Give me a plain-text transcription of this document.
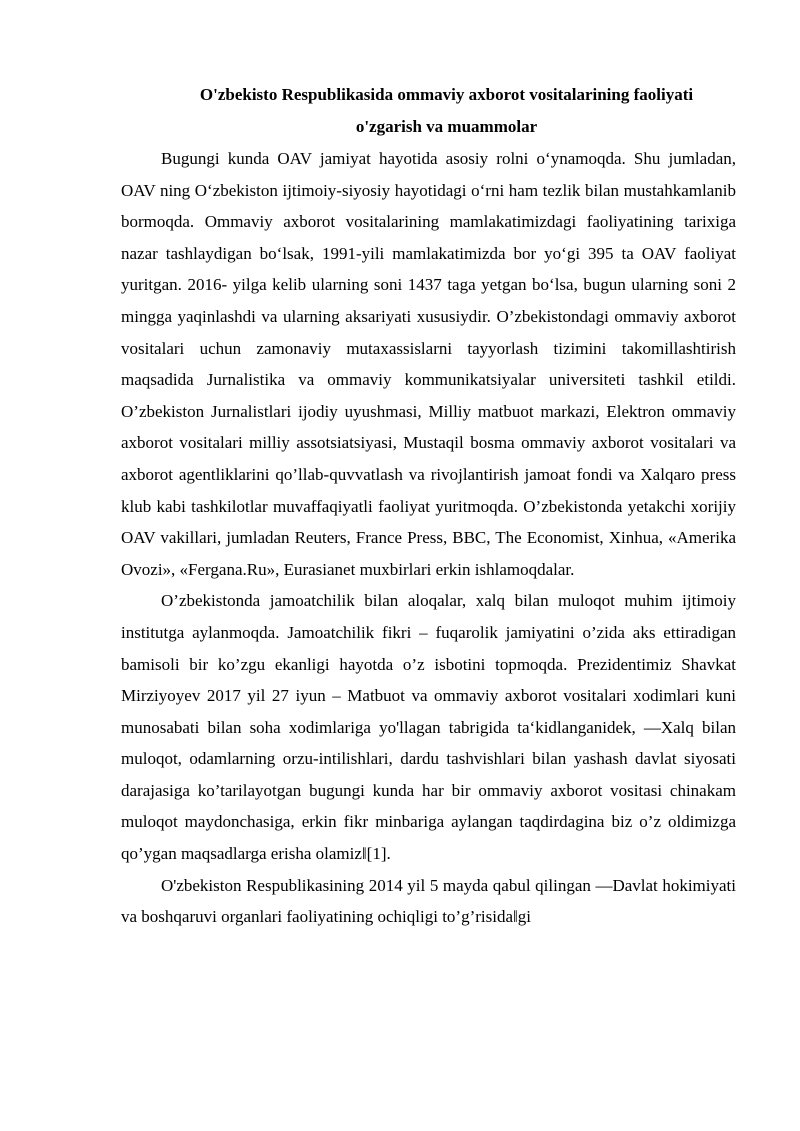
O'zbekisto Respublikasida ommaviy axborot vositalarining faoliyati
o'zgarish va muammolar

Bugungi kunda OAV jamiyat hayotida asosiy rolni o‘ynamoqda. Shu jumladan, OAV ning O‘zbekiston ijtimoiy-siyosiy hayotidagi o‘rni ham tezlik bilan mustahkamlanib bormoqda. Ommaviy axborot vositalarining mamlakatimizdagi faoliyatining tarixiga nazar tashlaydigan bo‘lsak, 1991-yili mamlakatimizda bor yo‘gi 395 ta OAV faoliyat yuritgan. 2016- yilga kelib ularning soni 1437 taga yetgan bo‘lsa, bugun ularning soni 2 mingga yaqinlashdi va ularning aksariyati xususiydir. O’zbekistondagi ommaviy axborot vositalari uchun zamonaviy mutaxassislarni tayyorlash tizimini takomillashtirish maqsadida Jurnalistika va ommaviy kommunikatsiyalar universiteti tashkil etildi. O’zbekiston Jurnalistlari ijodiy uyushmasi, Milliy matbuot markazi, Elektron ommaviy axborot vositalari milliy assotsiatsiyasi, Mustaqil bosma ommaviy axborot vositalari va axborot agentliklarini qo’llab-quvvatlash va rivojlantirish jamoat fondi va Xalqaro press klub kabi tashkilotlar muvaffaqiyatli faoliyat yuritmoqda. O’zbekistonda yetakchi xorijiy OAV vakillari, jumladan Reuters, France Press, BBC, The Economist, Xinhua, «Amerika Ovozi», «Fergana.Ru», Eurasianet muxbirlari erkin ishlamoqdalar.

O’zbekistonda jamoatchilik bilan aloqalar, xalq bilan muloqot muhim ijtimoiy institutga aylanmoqda. Jamoatchilik fikri – fuqarolik jamiyatini o’zida aks ettiradigan bamisoli bir ko’zgu ekanligi hayotda o’z isbotini topmoqda. Prezidentimiz Shavkat Mirziyoyev 2017 yil 27 iyun – Matbuot va ommaviy axborot vositalari xodimlari kuni munosabati bilan soha xodimlariga yo'llagan tabrigida ta‘kidlanganidek, ―Xalq bilan muloqot, odamlarning orzu-intilishlari, dardu tashvishlari bilan yashash davlat siyosati darajasiga ko’tarilayotgan bugungi kunda har bir ommaviy axborot vositasi chinakam muloqot maydonchasiga, erkin fikr minbariga aylangan taqdirdagina biz o’z oldimizga qo’ygan maqsadlarga erisha olamiz‖[1].

O'zbekiston Respublikasining 2014 yil 5 mayda qabul qilingan ―Davlat hokimiyati va boshqaruvi organlari faoliyatining ochiqligi to’g’risida‖gi
